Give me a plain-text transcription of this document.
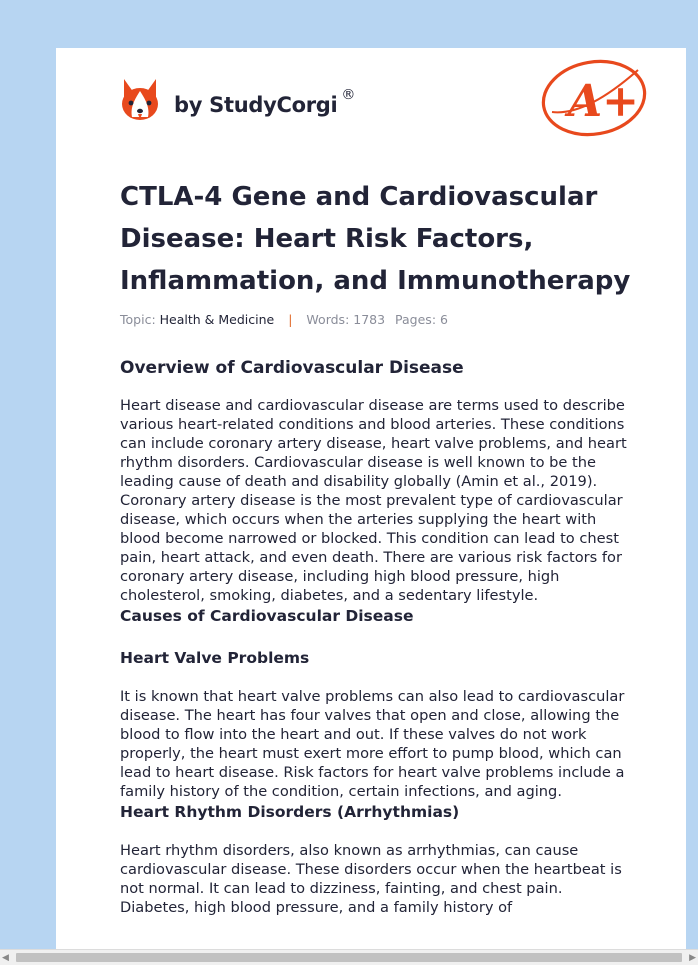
by StudyCorgi ®	A+
CTLA-4 Gene and Cardiovascular Disease: Heart Risk Factors, Inflammation, and Immunotherapy
Topic: Health & Medicine | Words: 1783 Pages: 6
Overview of Cardiovascular Disease

Heart disease and cardiovascular disease are terms used to describe various heart-related conditions and blood arteries. These conditions can include coronary artery disease, heart valve problems, and heart rhythm disorders. Cardiovascular disease is well known to be the leading cause of death and disability globally (Amin et al., 2019). Coronary artery disease is the most prevalent type of cardiovascular disease, which occurs when the arteries supplying the heart with blood become narrowed or blocked. This condition can lead to chest pain, heart attack, and even death. There are various risk factors for coronary artery disease, including high blood pressure, high cholesterol, smoking, diabetes, and a sedentary lifestyle.

Causes of Cardiovascular Disease
Heart Valve Problems

It is known that heart valve problems can also lead to cardiovascular disease. The heart has four valves that open and close, allowing the blood to flow into the heart and out. If these valves do not work properly, the heart must exert more effort to pump blood, which can lead to heart disease. Risk factors for heart valve problems include a family history of the condition, certain infections, and aging.

Heart Rhythm Disorders (Arrhythmias)

Heart rhythm disorders, also known as arrhythmias, can cause cardiovascular disease. These disorders occur when the heartbeat is not normal. It can lead to dizziness, fainting, and chest pain. Diabetes, high blood pressure, and a family history of

◀	▶
